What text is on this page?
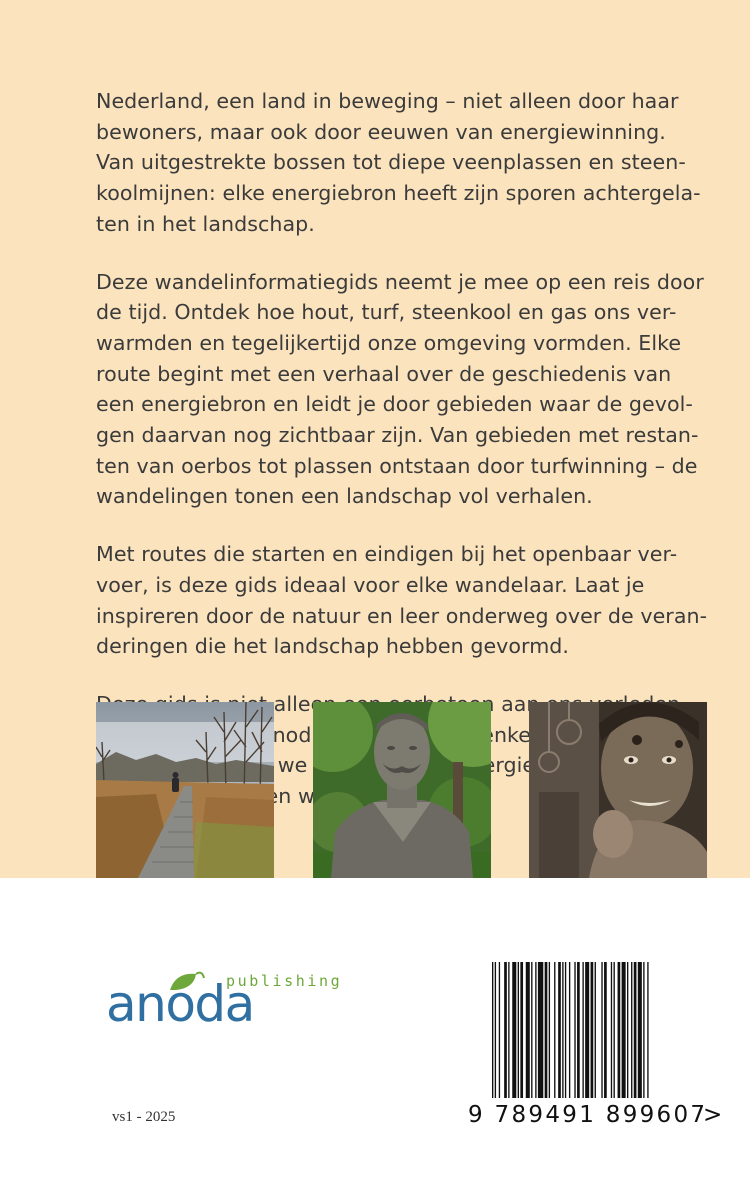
Nederland, een land in beweging – niet alleen door haar
bewoners, maar ook door eeuwen van energiewinning.
Van uitgestrekte bossen tot diepe veenplassen en steen-
koolmijnen: elke energiebron heeft zijn sporen achtergela-
ten in het landschap.

Deze wandelinformatiegids neemt je mee op een reis door
de tijd. Ontdek hoe hout, turf, steenkool en gas ons ver-
warmden en tegelijkertijd onze omgeving vormden. Elke
route begint met een verhaal over de geschiedenis van
een energiebron en leidt je door gebieden waar de gevol-
gen daarvan nog zichtbaar zijn. Van gebieden met restan-
ten van oerbos tot plassen ontstaan door turfwinning – de
wandelingen tonen een landschap vol verhalen.

Met routes die starten en eindigen bij het openbaar ver-
voer, is deze gids ideaal voor elke wandelaar. Laat je
inspireren door de natuur en leer onderweg over de veran-
deringen die het landschap hebben gevormd.

alleen aan
uitnodiging denken
we
wij

anoda
publishing
vs1 - 2025	9 789491 899607
>
